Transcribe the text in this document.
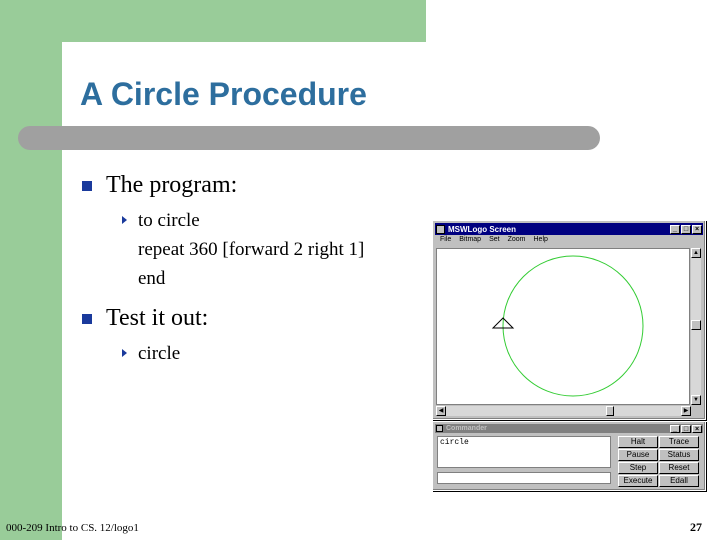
A Circle Procedure
The program:
to circle
repeat 360 [forward 2 right 1]
end
Test it out:
circle
MSWLogo Screen	_ □ ×
File Bitmap Set Zoom Help
▲
▼
◀	▶
Commander	_ □ ×
circle	Halt	Trace
Pause	Status
Step	Reset
Execute	Edall
000-209 Intro to CS. 12/logo1	27
